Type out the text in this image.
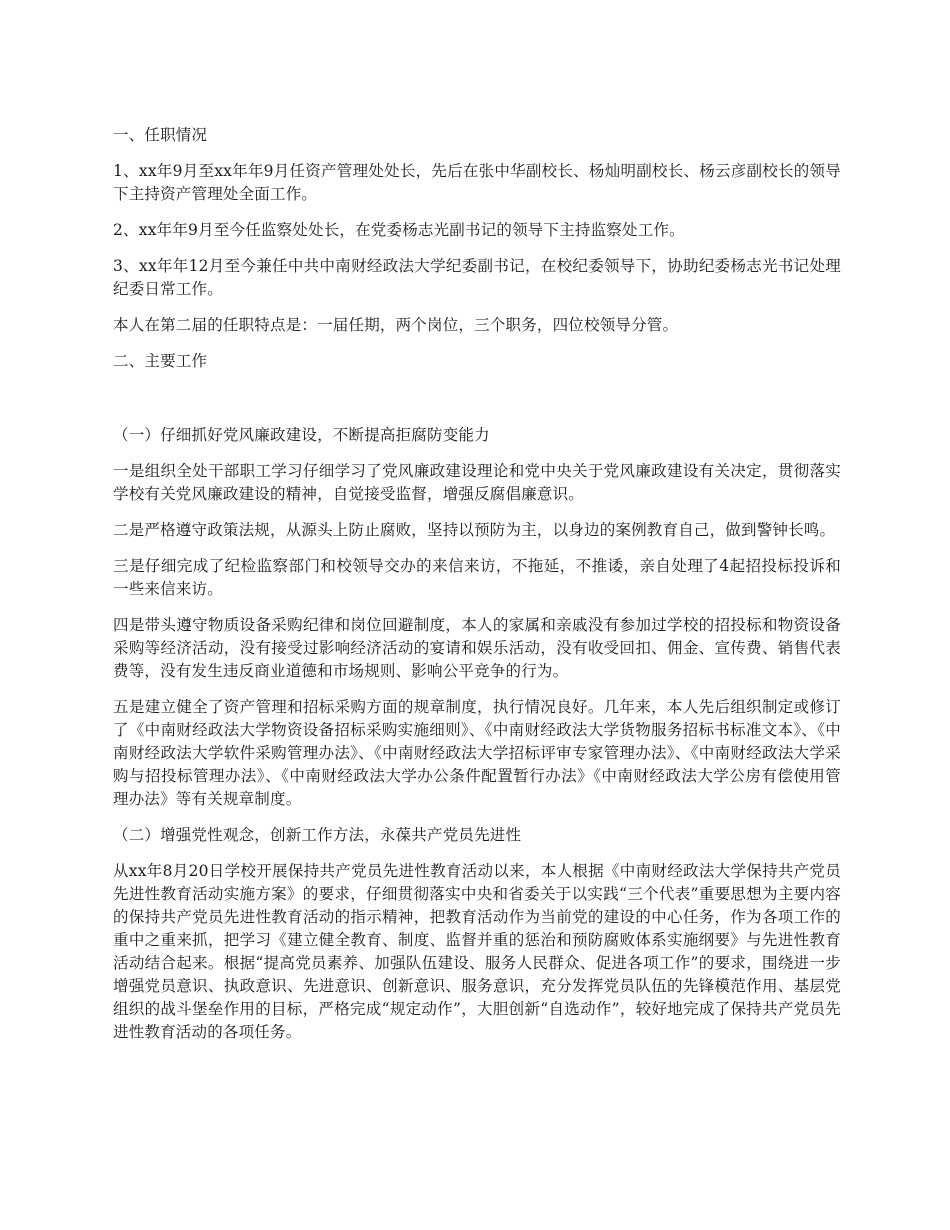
一、任职情况

1、xx年9月至xx年年9月任资产管理处处长，先后在张中华副校长、杨灿明副校长、杨云彦副校长的领导下主持资产管理处全面工作。

2、xx年年9月至今任监察处处长，在党委杨志光副书记的领导下主持监察处工作。

3、xx年年12月至今兼任中共中南财经政法大学纪委副书记，在校纪委领导下，协助纪委杨志光书记处理纪委日常工作。

本人在第二届的任职特点是：一届任期，两个岗位，三个职务，四位校领导分管。

二、主要工作

（一）仔细抓好党风廉政建设，不断提高拒腐防变能力

一是组织全处干部职工学习仔细学习了党风廉政建设理论和党中央关于党风廉政建设有关决定，贯彻落实学校有关党风廉政建设的精神，自觉接受监督，增强反腐倡廉意识。

二是严格遵守政策法规，从源头上防止腐败，坚持以预防为主，以身边的案例教育自己，做到警钟长鸣。

三是仔细完成了纪检监察部门和校领导交办的来信来访，不拖延，不推诿，亲自处理了4起招投标投诉和一些来信来访。

四是带头遵守物质设备采购纪律和岗位回避制度，本人的家属和亲戚没有参加过学校的招投标和物资设备采购等经济活动，没有接受过影响经济活动的宴请和娱乐活动，没有收受回扣、佣金、宣传费、销售代表费等，没有发生违反商业道德和市场规则、影响公平竞争的行为。

五是建立健全了资产管理和招标采购方面的规章制度，执行情况良好。几年来，本人先后组织制定或修订了《中南财经政法大学物资设备招标采购实施细则》、《中南财经政法大学货物服务招标书标准文本》、《中南财经政法大学软件采购管理办法》、《中南财经政法大学招标评审专家管理办法》、《中南财经政法大学采购与招投标管理办法》、《中南财经政法大学办公条件配置暂行办法》《中南财经政法大学公房有偿使用管理办法》等有关规章制度。

（二）增强党性观念，创新工作方法，永葆共产党员先进性

从xx年8月20日学校开展保持共产党员先进性教育活动以来，本人根据《中南财经政法大学保持共产党员先进性教育活动实施方案》的要求，仔细贯彻落实中央和省委关于以实践“三个代表”重要思想为主要内容的保持共产党员先进性教育活动的指示精神，把教育活动作为当前党的建设的中心任务，作为各项工作的重中之重来抓，把学习《建立健全教育、制度、监督并重的惩治和预防腐败体系实施纲要》与先进性教育活动结合起来。根据“提高党员素养、加强队伍建设、服务人民群众、促进各项工作”的要求，围绕进一步增强党员意识、执政意识、先进意识、创新意识、服务意识，充分发挥党员队伍的先锋模范作用、基层党组织的战斗堡垒作用的目标，严格完成“规定动作”，大胆创新“自选动作”，较好地完成了保持共产党员先进性教育活动的各项任务。
